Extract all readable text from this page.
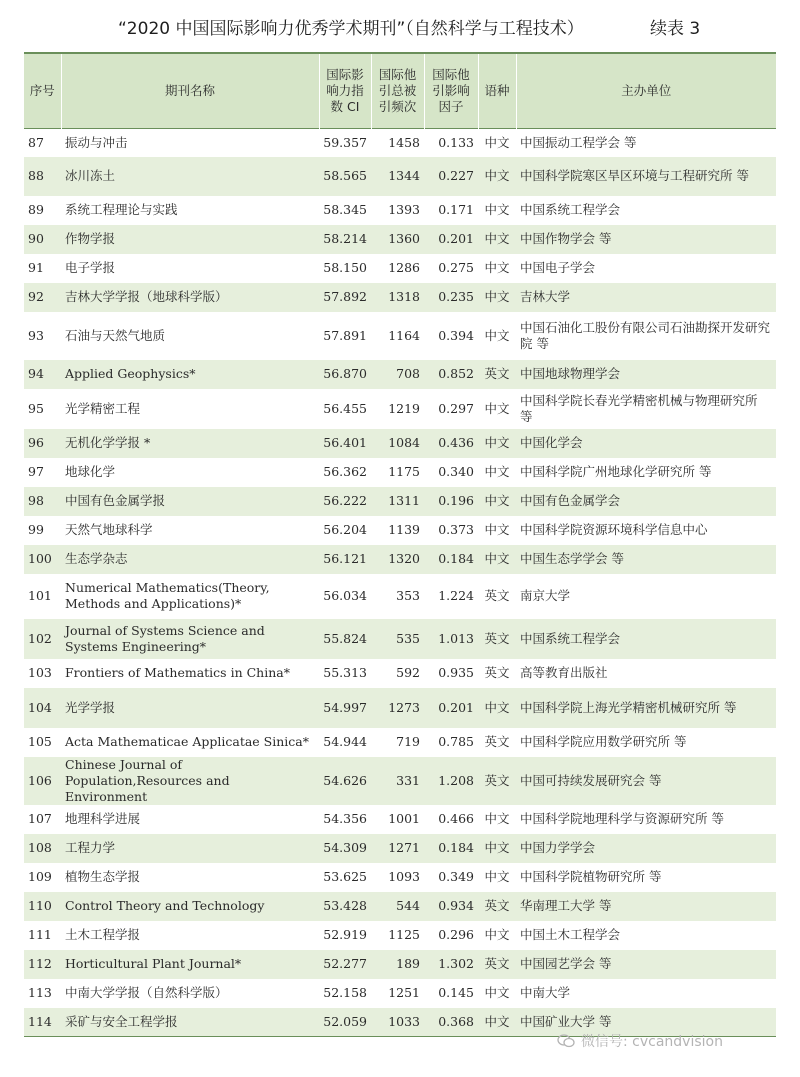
“2020 中国国际影响力优秀学术期刊”（自然科学与工程技术）	续表 3
序号	期刊名称	国际影响力指数 CI	国际他引总被引频次	国际他引影响因子	语种	主办单位
87	振动与冲击	59.357	1458	0.133	中文	中国振动工程学会 等
88	冰川冻土	58.565	1344	0.227	中文	中国科学院寒区旱区环境与工程研究所 等
89	系统工程理论与实践	58.345	1393	0.171	中文	中国系统工程学会
90	作物学报	58.214	1360	0.201	中文	中国作物学会 等
91	电子学报	58.150	1286	0.275	中文	中国电子学会
92	吉林大学学报（地球科学版）	57.892	1318	0.235	中文	吉林大学
93	石油与天然气地质	57.891	1164	0.394	中文	中国石油化工股份有限公司石油勘探开发研究院 等
94	Applied Geophysics*	56.870	708	0.852	英文	中国地球物理学会
95	光学精密工程	56.455	1219	0.297	中文	中国科学院长春光学精密机械与物理研究所 等
96	无机化学学报 *	56.401	1084	0.436	中文	中国化学会
97	地球化学	56.362	1175	0.340	中文	中国科学院广州地球化学研究所 等
98	中国有色金属学报	56.222	1311	0.196	中文	中国有色金属学会
99	天然气地球科学	56.204	1139	0.373	中文	中国科学院资源环境科学信息中心
100	生态学杂志	56.121	1320	0.184	中文	中国生态学学会 等
101	Numerical Mathematics(Theory, Methods and Applications)*	56.034	353	1.224	英文	南京大学
102	Journal of Systems Science and Systems Engineering*	55.824	535	1.013	英文	中国系统工程学会
103	Frontiers of Mathematics in China*	55.313	592	0.935	英文	高等教育出版社
104	光学学报	54.997	1273	0.201	中文	中国科学院上海光学精密机械研究所 等
105	Acta Mathematicae Applicatae Sinica*	54.944	719	0.785	英文	中国科学院应用数学研究所 等
106	Chinese Journal of Population,Resources and Environment	54.626	331	1.208	英文	中国可持续发展研究会 等
107	地理科学进展	54.356	1001	0.466	中文	中国科学院地理科学与资源研究所 等
108	工程力学	54.309	1271	0.184	中文	中国力学学会
109	植物生态学报	53.625	1093	0.349	中文	中国科学院植物研究所 等
110	Control Theory and Technology	53.428	544	0.934	英文	华南理工大学 等
111	土木工程学报	52.919	1125	0.296	中文	中国土木工程学会
112	Horticultural Plant Journal*	52.277	189	1.302	英文	中国园艺学会 等
113	中南大学学报（自然科学版）	52.158	1251	0.145	中文	中南大学
114	采矿与安全工程学报	52.059	1033	0.368	中文	中国矿业大学 等
微信号: cvcandvision
